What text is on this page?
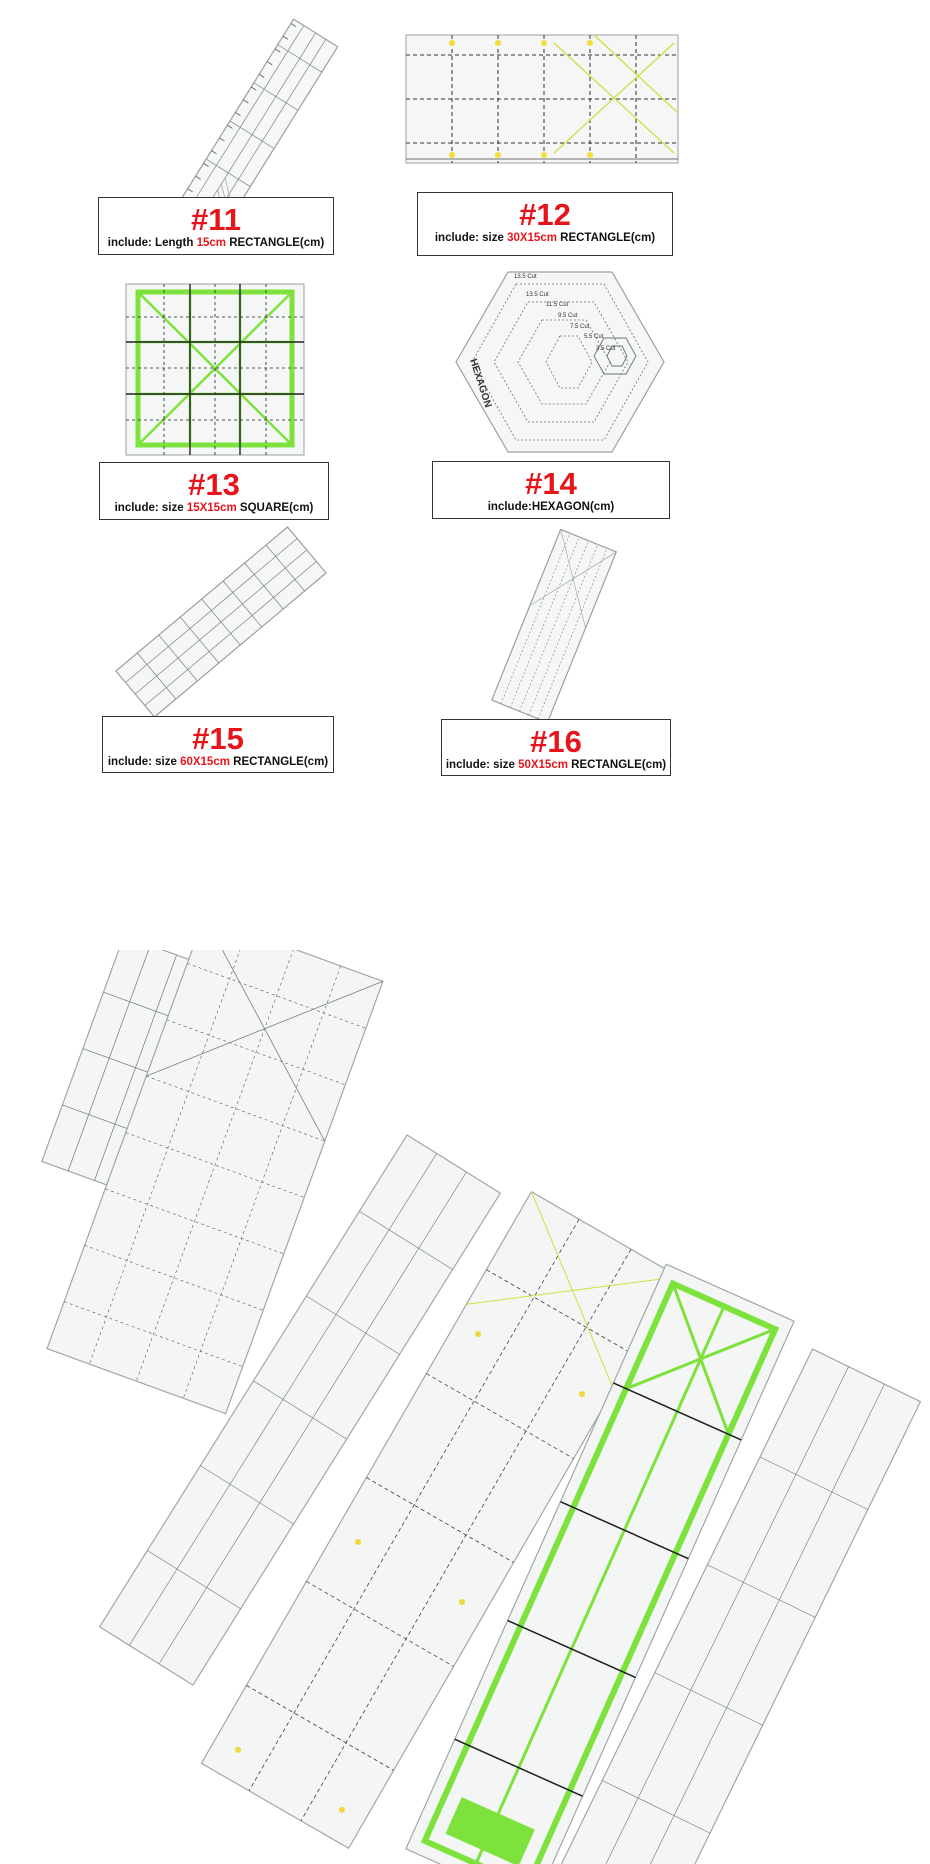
#11
include: Length 15cm RECTANGLE(cm)
#12
include: size 30X15cm RECTANGLE(cm)
#13
include: size 15X15cm SQUARE(cm)
13.5 Cut
13.5 Cut
11.5 Cut
9.5 Cut
7.5 Cut
5.5 Cut
3.5 Cut
HEXAGON
#14
include:HEXAGON(cm)
#15
include: size 60X15cm RECTANGLE(cm)
#16
include: size 50X15cm RECTANGLE(cm)
